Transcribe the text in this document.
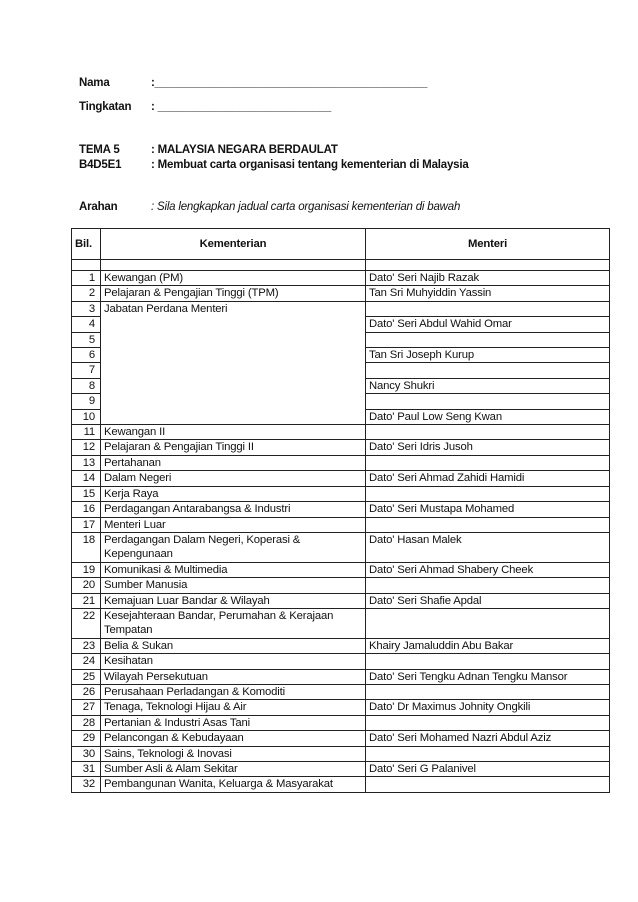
Nama	:____________________________________________
Tingkatan : ____________________________
TEMA 5	: MALAYSIA NEGARA BERDAULAT
B4D5E1	: Membuat carta organisasi tentang kementerian di Malaysia
Arahan	: Sila lengkapkan jadual carta organisasi kementerian di bawah
Bil.	Kementerian	Menteri

1	Kewangan (PM)	Dato' Seri Najib Razak
2	Pelajaran & Pengajian Tinggi (TPM)	Tan Sri Muhyiddin Yassin
3	Jabatan Perdana Menteri	
4		Dato' Seri Abdul Wahid Omar
5		
6		Tan Sri Joseph Kurup
7		
8		Nancy Shukri
9		
10		Dato' Paul Low Seng Kwan
11	Kewangan II	
12	Pelajaran & Pengajian Tinggi II	Dato' Seri Idris Jusoh
13	Pertahanan	
14	Dalam Negeri	Dato' Seri Ahmad Zahidi Hamidi
15	Kerja Raya	
16	Perdagangan Antarabangsa & Industri	Dato' Seri Mustapa Mohamed
17	Menteri Luar	
18	Perdagangan Dalam Negeri, Koperasi & Kepengunaan	Dato' Hasan Malek
19	Komunikasi & Multimedia	Dato' Seri Ahmad Shabery Cheek
20	Sumber Manusia	
21	Kemajuan Luar Bandar & Wilayah	Dato' Seri Shafie Apdal
22	Kesejahteraan Bandar, Perumahan & Kerajaan Tempatan	
23	Belia & Sukan	Khairy Jamaluddin Abu Bakar
24	Kesihatan	
25	Wilayah Persekutuan	Dato' Seri Tengku Adnan Tengku Mansor
26	Perusahaan Perladangan & Komoditi	
27	Tenaga, Teknologi Hijau & Air	Dato' Dr Maximus Johnity Ongkili
28	Pertanian & Industri Asas Tani	
29	Pelancongan & Kebudayaan	Dato' Seri Mohamed Nazri Abdul Aziz
30	Sains, Teknologi & Inovasi	
31	Sumber Asli & Alam Sekitar	Dato' Seri G Palanivel
32	Pembangunan Wanita, Keluarga & Masyarakat	
